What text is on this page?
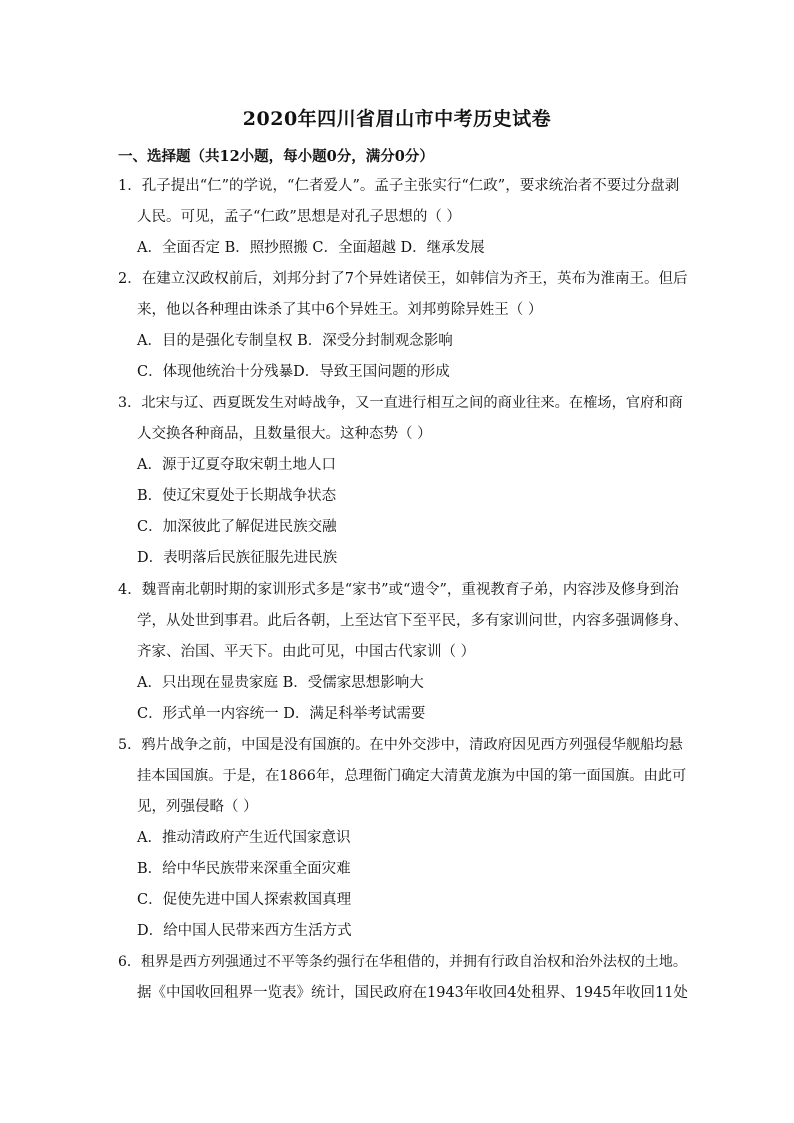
2020年四川省眉山市中考历史试卷
一、选择题（共12小题，每小题0分，满分0分）
1．孔子提出“仁”的学说，“仁者爱人”。孟子主张实行“仁政”，要求统治者不要过分盘剥
人民。可见，孟子“仁政”思想是对孔子思想的（ ）
A．全面否定 B．照抄照搬 C．全面超越 D．继承发展
2．在建立汉政权前后，刘邦分封了7个异姓诸侯王，如韩信为齐王，英布为淮南王。但后
来，他以各种理由诛杀了其中6个异姓王。刘邦剪除异姓王（ ）
A．目的是强化专制皇权 B．深受分封制观念影响
C．体现他统治十分残暴D．导致王国问题的形成
3．北宋与辽、西夏既发生对峙战争，又一直进行相互之间的商业往来。在榷场，官府和商
人交换各种商品，且数量很大。这种态势（ ）
A．源于辽夏夺取宋朝土地人口
B．使辽宋夏处于长期战争状态
C．加深彼此了解促进民族交融
D．表明落后民族征服先进民族
4．魏晋南北朝时期的家训形式多是“家书”或“遗令”，重视教育子弟，内容涉及修身到治
学，从处世到事君。此后各朝，上至达官下至平民，多有家训问世，内容多强调修身、
齐家、治国、平天下。由此可见，中国古代家训（ ）
A．只出现在显贵家庭 B．受儒家思想影响大
C．形式单一内容统一 D．满足科举考试需要
5．鸦片战争之前，中国是没有国旗的。在中外交涉中，清政府因见西方列强侵华舰船均悬
挂本国国旗。于是，在1866年，总理衙门确定大清黄龙旗为中国的第一面国旗。由此可
见，列强侵略（ ）
A．推动清政府产生近代国家意识
B．给中华民族带来深重全面灾难
C．促使先进中国人探索救国真理
D．给中国人民带来西方生活方式
6．租界是西方列强通过不平等条约强行在华租借的，并拥有行政自治权和治外法权的土地。
据《中国收回租界一览表》统计，国民政府在1943年收回4处租界、1945年收回11处
